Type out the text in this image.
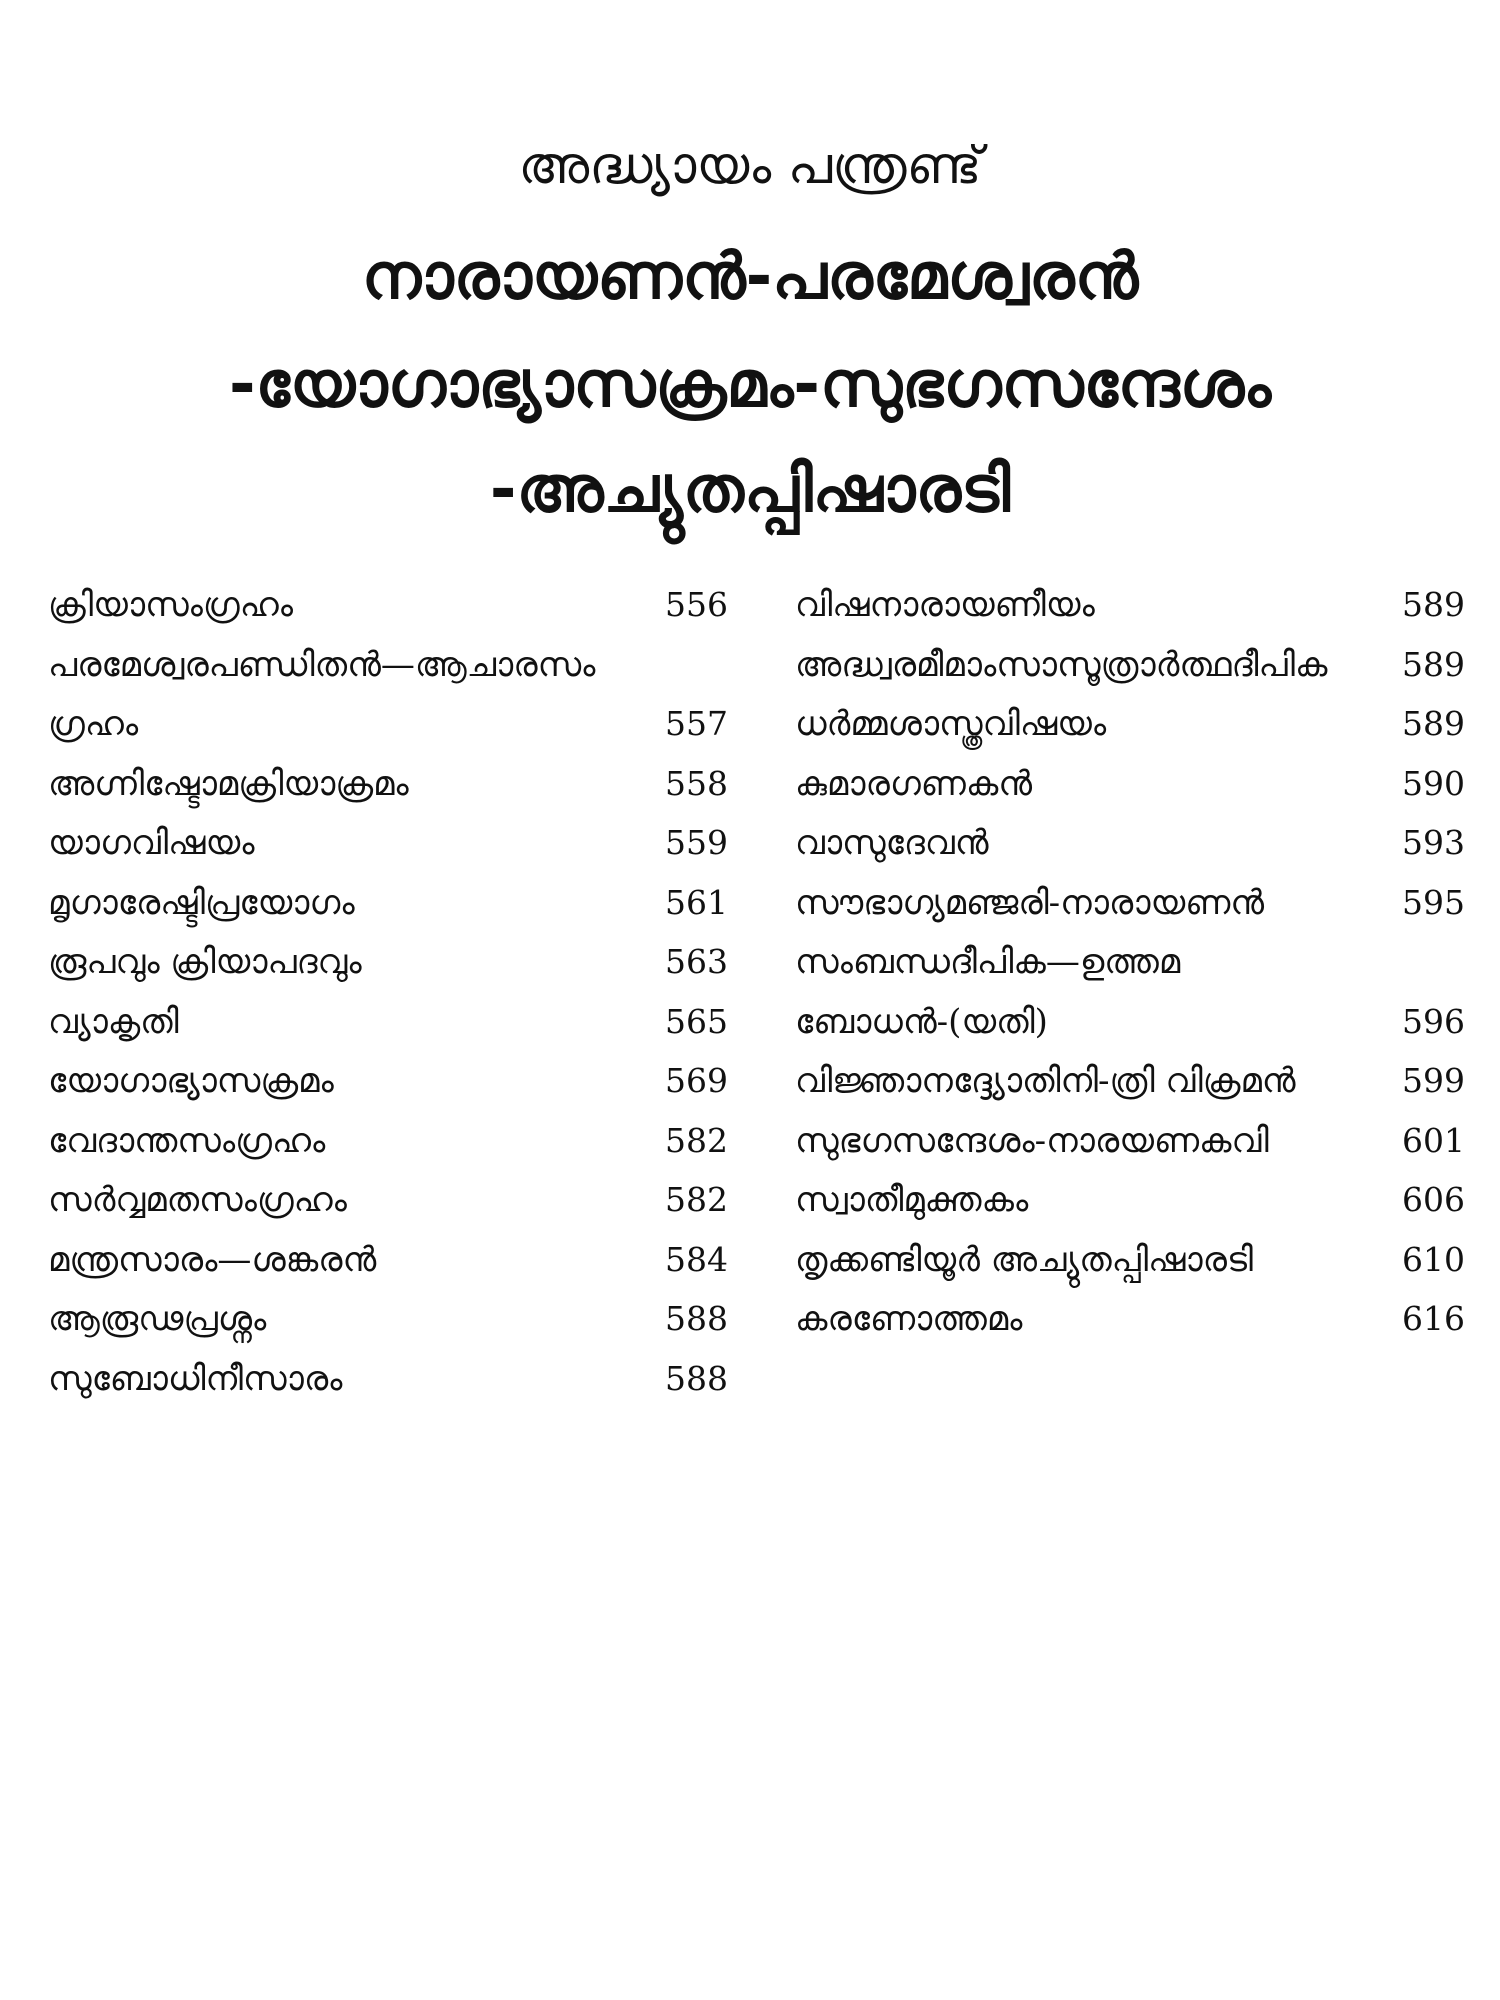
അദ്ധ്യായം പന്ത്രണ്ട്
നാരായണൻ-പരമേശ്വരൻ
-യോഗാഭ്യാസക്രമം-സുഭഗസന്ദേശം
-അച്യുതപ്പിഷാരടി
ക്രിയാസംഗ്രഹം	556
പരമേശ്വരപണ്ഡിതൻ—ആചാരസം
ഗ്രഹം	557
അഗ്നിഷ്ടോമക്രിയാക്രമം	558
യാഗവിഷയം	559
മൃഗാരേഷ്ടിപ്രയോഗം	561
രൂപവും ക്രിയാപദവും	563
വ്യാകൃതി	565
യോഗാഭ്യാസക്രമം	569
വേദാന്തസംഗ്രഹം	582
സർവ്വമതസംഗ്രഹം	582
മന്ത്രസാരം—ശങ്കരൻ	584
ആരൂഢപ്രശ്നം	588
സുബോധിനീസാരം	588
വിഷനാരായണീയം	589
അദ്ധ്വരമീമാംസാസൂത്രാർത്ഥദീപിക 589
ധർമ്മശാസ്ത്രവിഷയം	589
കുമാരഗണകൻ	590
വാസുദേവൻ	593
സൗഭാഗ്യമഞ്ജരി-നാരായണൻ	595
സംബന്ധദീപിക—ഉത്തമ
ബോധൻ-(യതി)	596
വിജ്ഞാനദ്ദ്യോതിനി-ത്രി വിക്രമൻ	599
സുഭഗസന്ദേശം-നാരയണകവി	601
സ്വാതീമുക്തകം	606
തൃക്കണ്ടിയൂർ അച്യുതപ്പിഷാരടി	610
കരണോത്തമം	616
